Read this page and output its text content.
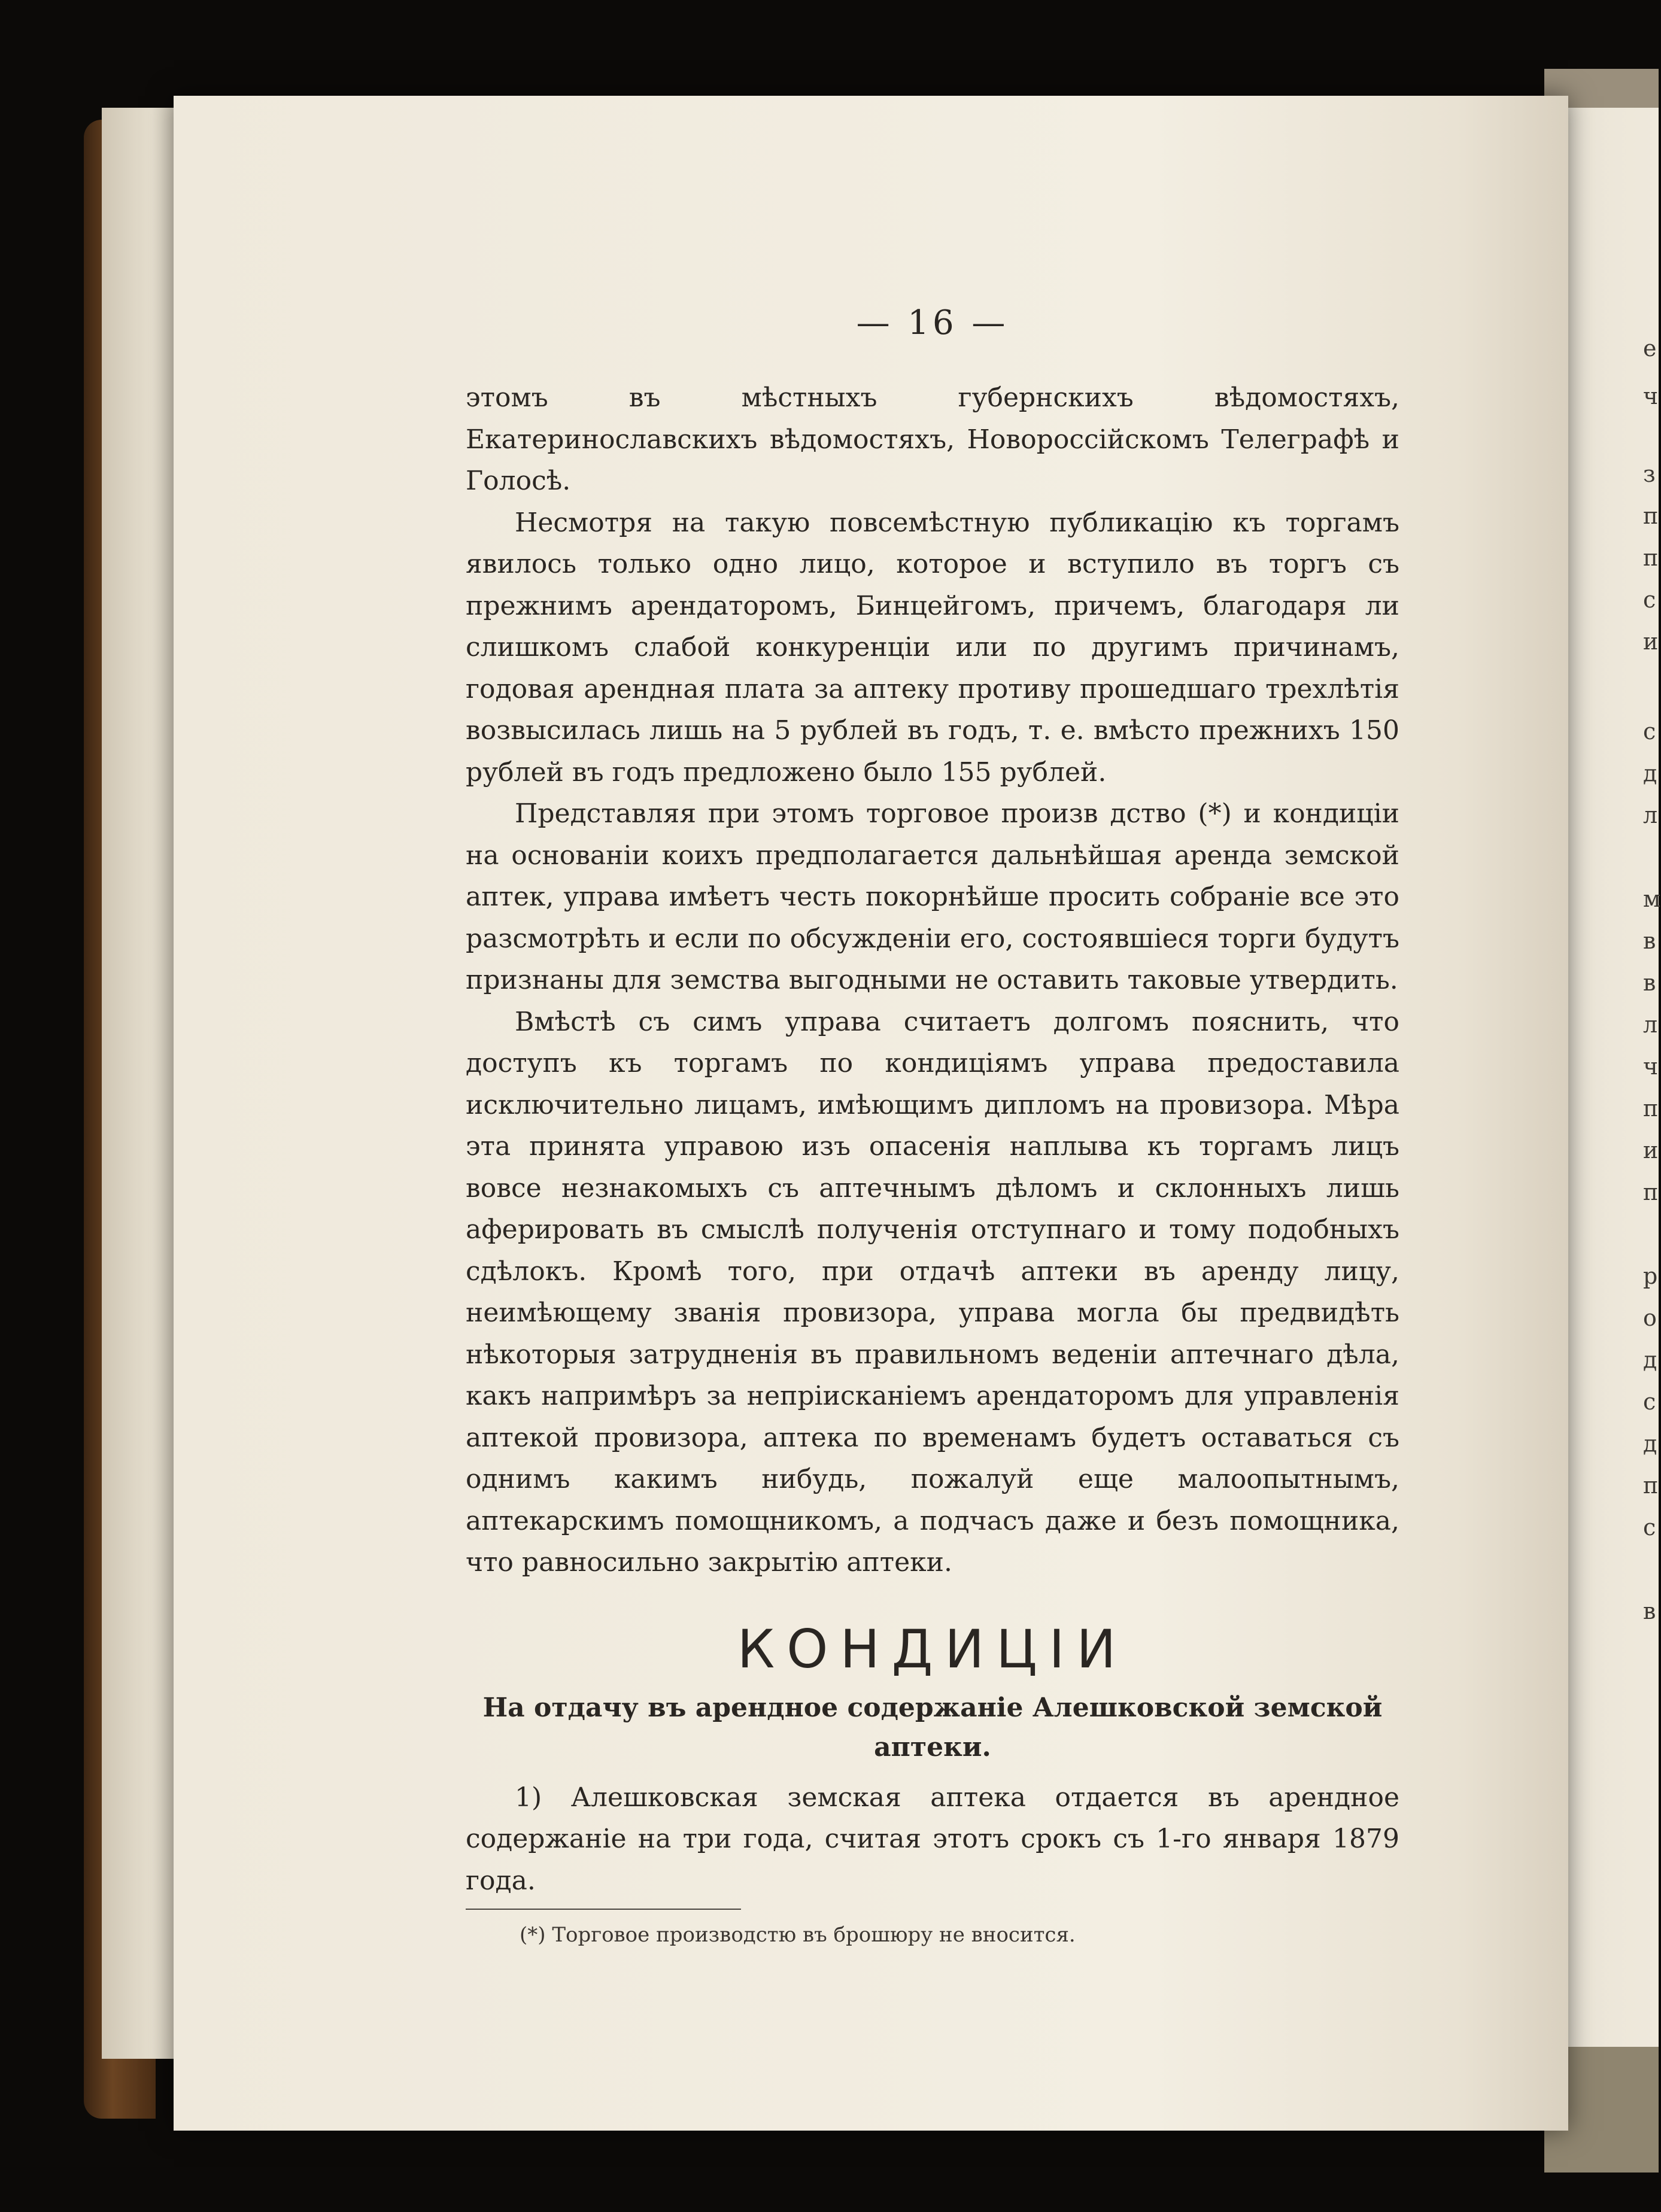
е
ч
з
п
п
с
и
с
д
л
м
в
в
л
ч
п
и
п
р
о
д
с
д
п
с
в
— 16 —

этомъ въ мѣстныхъ губернскихъ вѣдомостяхъ, Екатеринославскихъ вѣдомостяхъ, Новороссійскомъ Телеграфѣ и Голосѣ.

Несмотря на такую повсемѣстную публикацію къ торгамъ явилось только одно лицо, которое и вступило въ торгъ съ прежнимъ арендаторомъ, Бинцейгомъ, причемъ, благодаря ли слишкомъ слабой конкуренціи или по другимъ причинамъ, годовая арендная плата за аптеку противу прошедшаго трехлѣтія возвысилась лишь на 5 рублей въ годъ, т. е. вмѣсто прежнихъ 150 рублей въ годъ предложено было 155 рублей.

Представляя при этомъ торговое произв дство (*) и кондиціи на основаніи коихъ предполагается дальнѣйшая аренда земской аптек, управа имѣетъ честь покорнѣйше просить собраніе все это разсмотрѣть и если по обсужденіи его, состоявшіеся торги будутъ признаны для земства выгодными не оставить таковые утвердить.

Вмѣстѣ съ симъ управа считаетъ долгомъ пояснить, что доступъ къ торгамъ по кондиціямъ управа предоставила исключительно лицамъ, имѣющимъ дипломъ на провизора. Мѣра эта принята управою изъ опасенія наплыва къ торгамъ лицъ вовсе незнакомыхъ съ аптечнымъ дѣломъ и склонныхъ лишь аферировать въ смыслѣ полученія отступнаго и тому подобныхъ сдѣлокъ. Кромѣ того, при отдачѣ аптеки въ аренду лицу, неимѣющему званія провизора, управа могла бы предвидѣть нѣкоторыя затрудненія въ правильномъ веденіи аптечнаго дѣла, какъ напримѣръ за непріисканіемъ арендаторомъ для управленія аптекой провизора, аптека по временамъ будетъ оставаться съ однимъ какимъ нибудь, пожалуй еще малоопытнымъ, аптекарскимъ помощникомъ, а подчасъ даже и безъ помощника, что равносильно закрытію аптеки.

КОНДИЦІИ

На отдачу въ арендное содержаніе Алешковской земской аптеки.

1) Алешковская земская аптека отдается въ арендное содержаніе на три года, считая этотъ срокъ съ 1-го января 1879 года.

(*) Торговое производстю въ брошюру не вносится.
